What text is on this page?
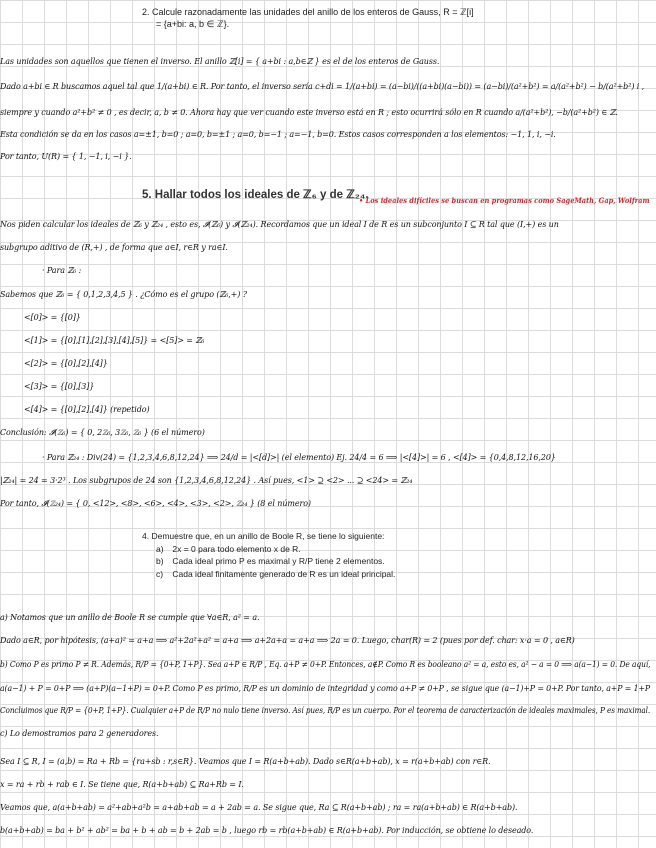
2. Calcule razonadamente las unidades del anillo de los enteros de Gauss, R = ℤ[i]
= {a+bi: a, b ∈ ℤ}.
Las unidades son aquellos que tienen el inverso. El anillo ℤ[i] = { a+bi : a,b∈ℤ } es el de los enteros de Gauss.
Dado a+bi ∈ R buscamos aquel tal que 1/(a+bi) ∈ R. Por tanto, el inverso sería c+di = 1/(a+bi) = (a−bi)/((a+bi)(a−bi)) = (a−bi)/(a²+b²) = a/(a²+b²) − b/(a²+b²) i ,
siempre y cuando a²+b² ≠ 0 , es decir, a, b ≠ 0. Ahora hay que ver cuando este inverso está en R ; esto ocurrirá sólo en R cuando a/(a²+b²), −b/(a²+b²) ∈ ℤ.
Esta condición se da en los casos a=±1, b=0 ; a=0, b=±1 ; a=0, b=−1 ; a=−1, b=0. Estos casos corresponden a los elementos: −1, 1, i, −i.
Por tanto, U(R) = { 1, −1, i, −i }.
5. Hallar todos los ideales de ℤ₆ y de ℤ₂₄.
• Los ideales difíciles se buscan en programas como SageMath, Gap, Wolfram
Nos piden calcular los ideales de ℤ₆ y ℤ₂₄ , esto es, 𝓘(ℤ₆) y 𝓘(ℤ₂₄). Recordamos que un ideal I de R es un subconjunto I ⊆ R tal que (I,+) es un
subgrupo aditivo de (R,+) , de forma que a∈I, r∈R y ra∈I.
· Para ℤ₆ :
Sabemos que ℤ₆ = { 0,1,2,3,4,5 } . ¿Cómo es el grupo (ℤ₆,+) ?
<[0]> = {[0]}
<[1]> = {[0],[1],[2],[3],[4],[5]} = <[5]> = ℤ₆
<[2]> = {[0],[2],[4]}
<[3]> = {[0],[3]}
<[4]> = {[0],[2],[4]} (repetido)
Conclusión: 𝓘(ℤ₆) = { 0, 2ℤ₆, 3ℤ₆, ℤ₆ } (6 el número)
· Para ℤ₂₄ : Div(24) = {1,2,3,4,6,8,12,24} ⟹ 24/d = |<[d]>| (el elemento) Ej. 24/4 = 6 ⟹ |<[4]>| = 6 , <[4]> = {0,4,8,12,16,20}
|ℤ₂₄| = 24 = 3·2³ . Los subgrupos de 24 son {1,2,3,4,6,8,12,24} . Así pues, <1> ⊇ <2> ... ⊇ <24> = ℤ₂₄
Por tanto, 𝓘(ℤ₂₄) = { 0, <12>, <8>, <6>, <4>, <3>, <2>, ℤ₂₄ } (8 el número)
4. Demuestre que, en un anillo de Boole R, se tiene lo siguiente:
a) 2x = 0 para todo elemento x de R.
b) Cada ideal primo P es maximal y R/P tiene 2 elementos.
c) Cada ideal finitamente generado de R es un ideal principal.
a) Notamos que un anillo de Boole R se cumple que ∀a∈R, a² = a.
Dado a∈R, por hipótesis, (a+a)² = a+a ⟹ a²+2a²+a² = a+a ⟹ a+2a+a = a+a ⟹ 2a = 0. Luego, char(R) = 2 (pues por def. char: x·a = 0 , a∈R)
b) Como P es primo P ≠ R. Además, R/P = {0+P, 1+P}. Sea a+P ∈ R/P , Eq. a+P ≠ 0+P. Entonces, a∉P. Como R es booleano a² = a, esto es, a² − a = 0 ⟹ a(a−1) = 0. De aquí,
a(a−1) + P = 0+P ⟹ (a+P)(a−1+P) = 0+P. Como P es primo, R/P es un dominio de integridad y como a+P ≠ 0+P , se sigue que (a−1)+P = 0+P. Por tanto, a+P = 1+P
Concluimos que R/P = {0+P, 1+P}. Cualquier a+P de R/P no nulo tiene inverso. Así pues, R/P es un cuerpo. Por el teorema de caracterización de ideales maximales, P es maximal.
c) Lo demostramos para 2 generadores.
Sea I ⊆ R, I = (a,b) = Ra + Rb = {ra+sb : r,s∈R}. Veamos que I = R(a+b+ab). Dado s∈R(a+b+ab), x = r(a+b+ab) con r∈R.
x = ra + rb + rab ∈ I. Se tiene que, R(a+b+ab) ⊆ Ra+Rb = I.
Veamos que, a(a+b+ab) = a²+ab+a²b = a+ab+ab = a + 2ab = a. Se sigue que, Ra ⊆ R(a+b+ab) ; ra = ra(a+b+ab) ∈ R(a+b+ab).
b(a+b+ab) = ba + b² + ab² = ba + b + ab = b + 2ab = b , luego rb = rb(a+b+ab) ∈ R(a+b+ab). Por inducción, se obtiene lo deseado.
